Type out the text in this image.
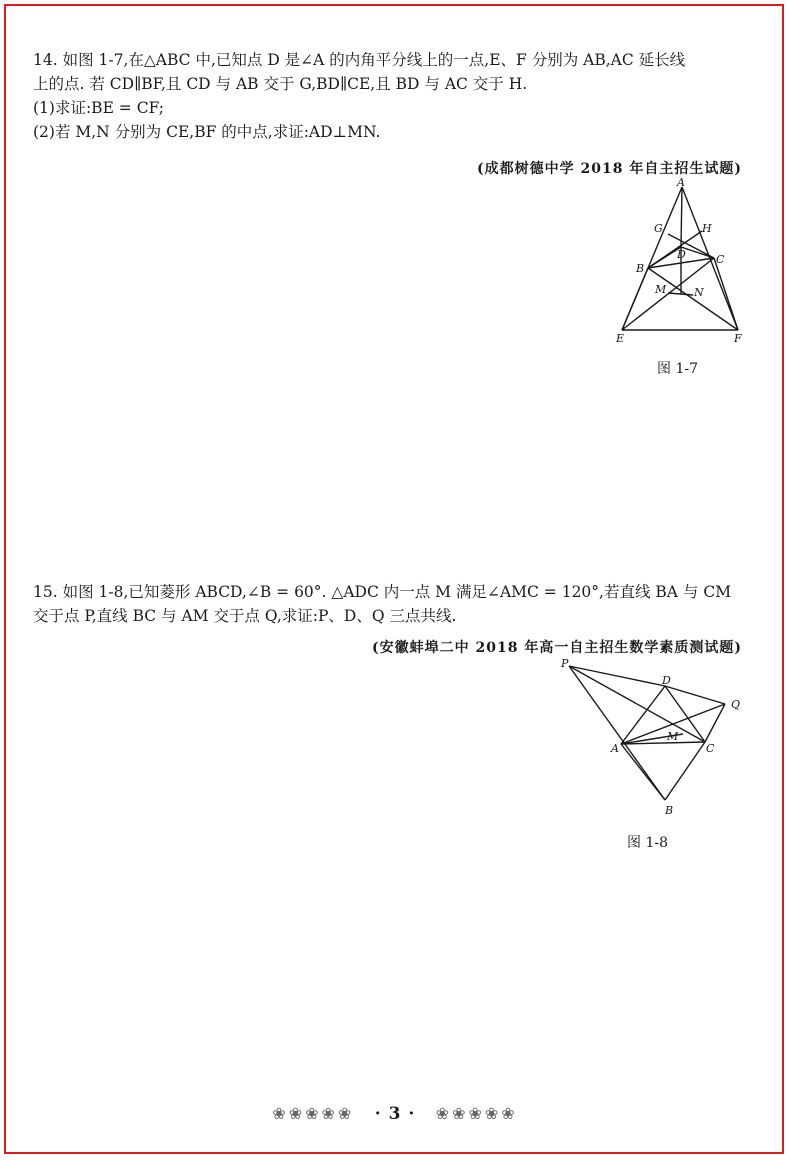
14. 如图 1-7,在△ABC 中,已知点 D 是∠A 的内角平分线上的一点,E、F 分别为 AB,AC 延长线

上的点. 若 CD∥BF,且 CD 与 AB 交于 G,BD∥CE,且 BD 与 AC 交于 H.

(1)求证:BE = CF;

(2)若 M,N 分别为 CE,BF 的中点,求证:AD⊥MN.

(成都树德中学 2018 年自主招生试题)
A
G	H
D
B
C
M	N
E	F
图 1-7

15. 如图 1-8,已知菱形 ABCD,∠B = 60°. △ADC 内一点 M 满足∠AMC = 120°,若直线 BA 与 CM

交于点 P,直线 BC 与 AM 交于点 Q,求证:P、D、Q 三点共线.

(安徽蚌埠二中 2018 年高一自主招生数学素质测试题)
P
D
Q
A
M
C
B
图 1-8
❀❀❀❀❀ · 3 · ❀❀❀❀❀
